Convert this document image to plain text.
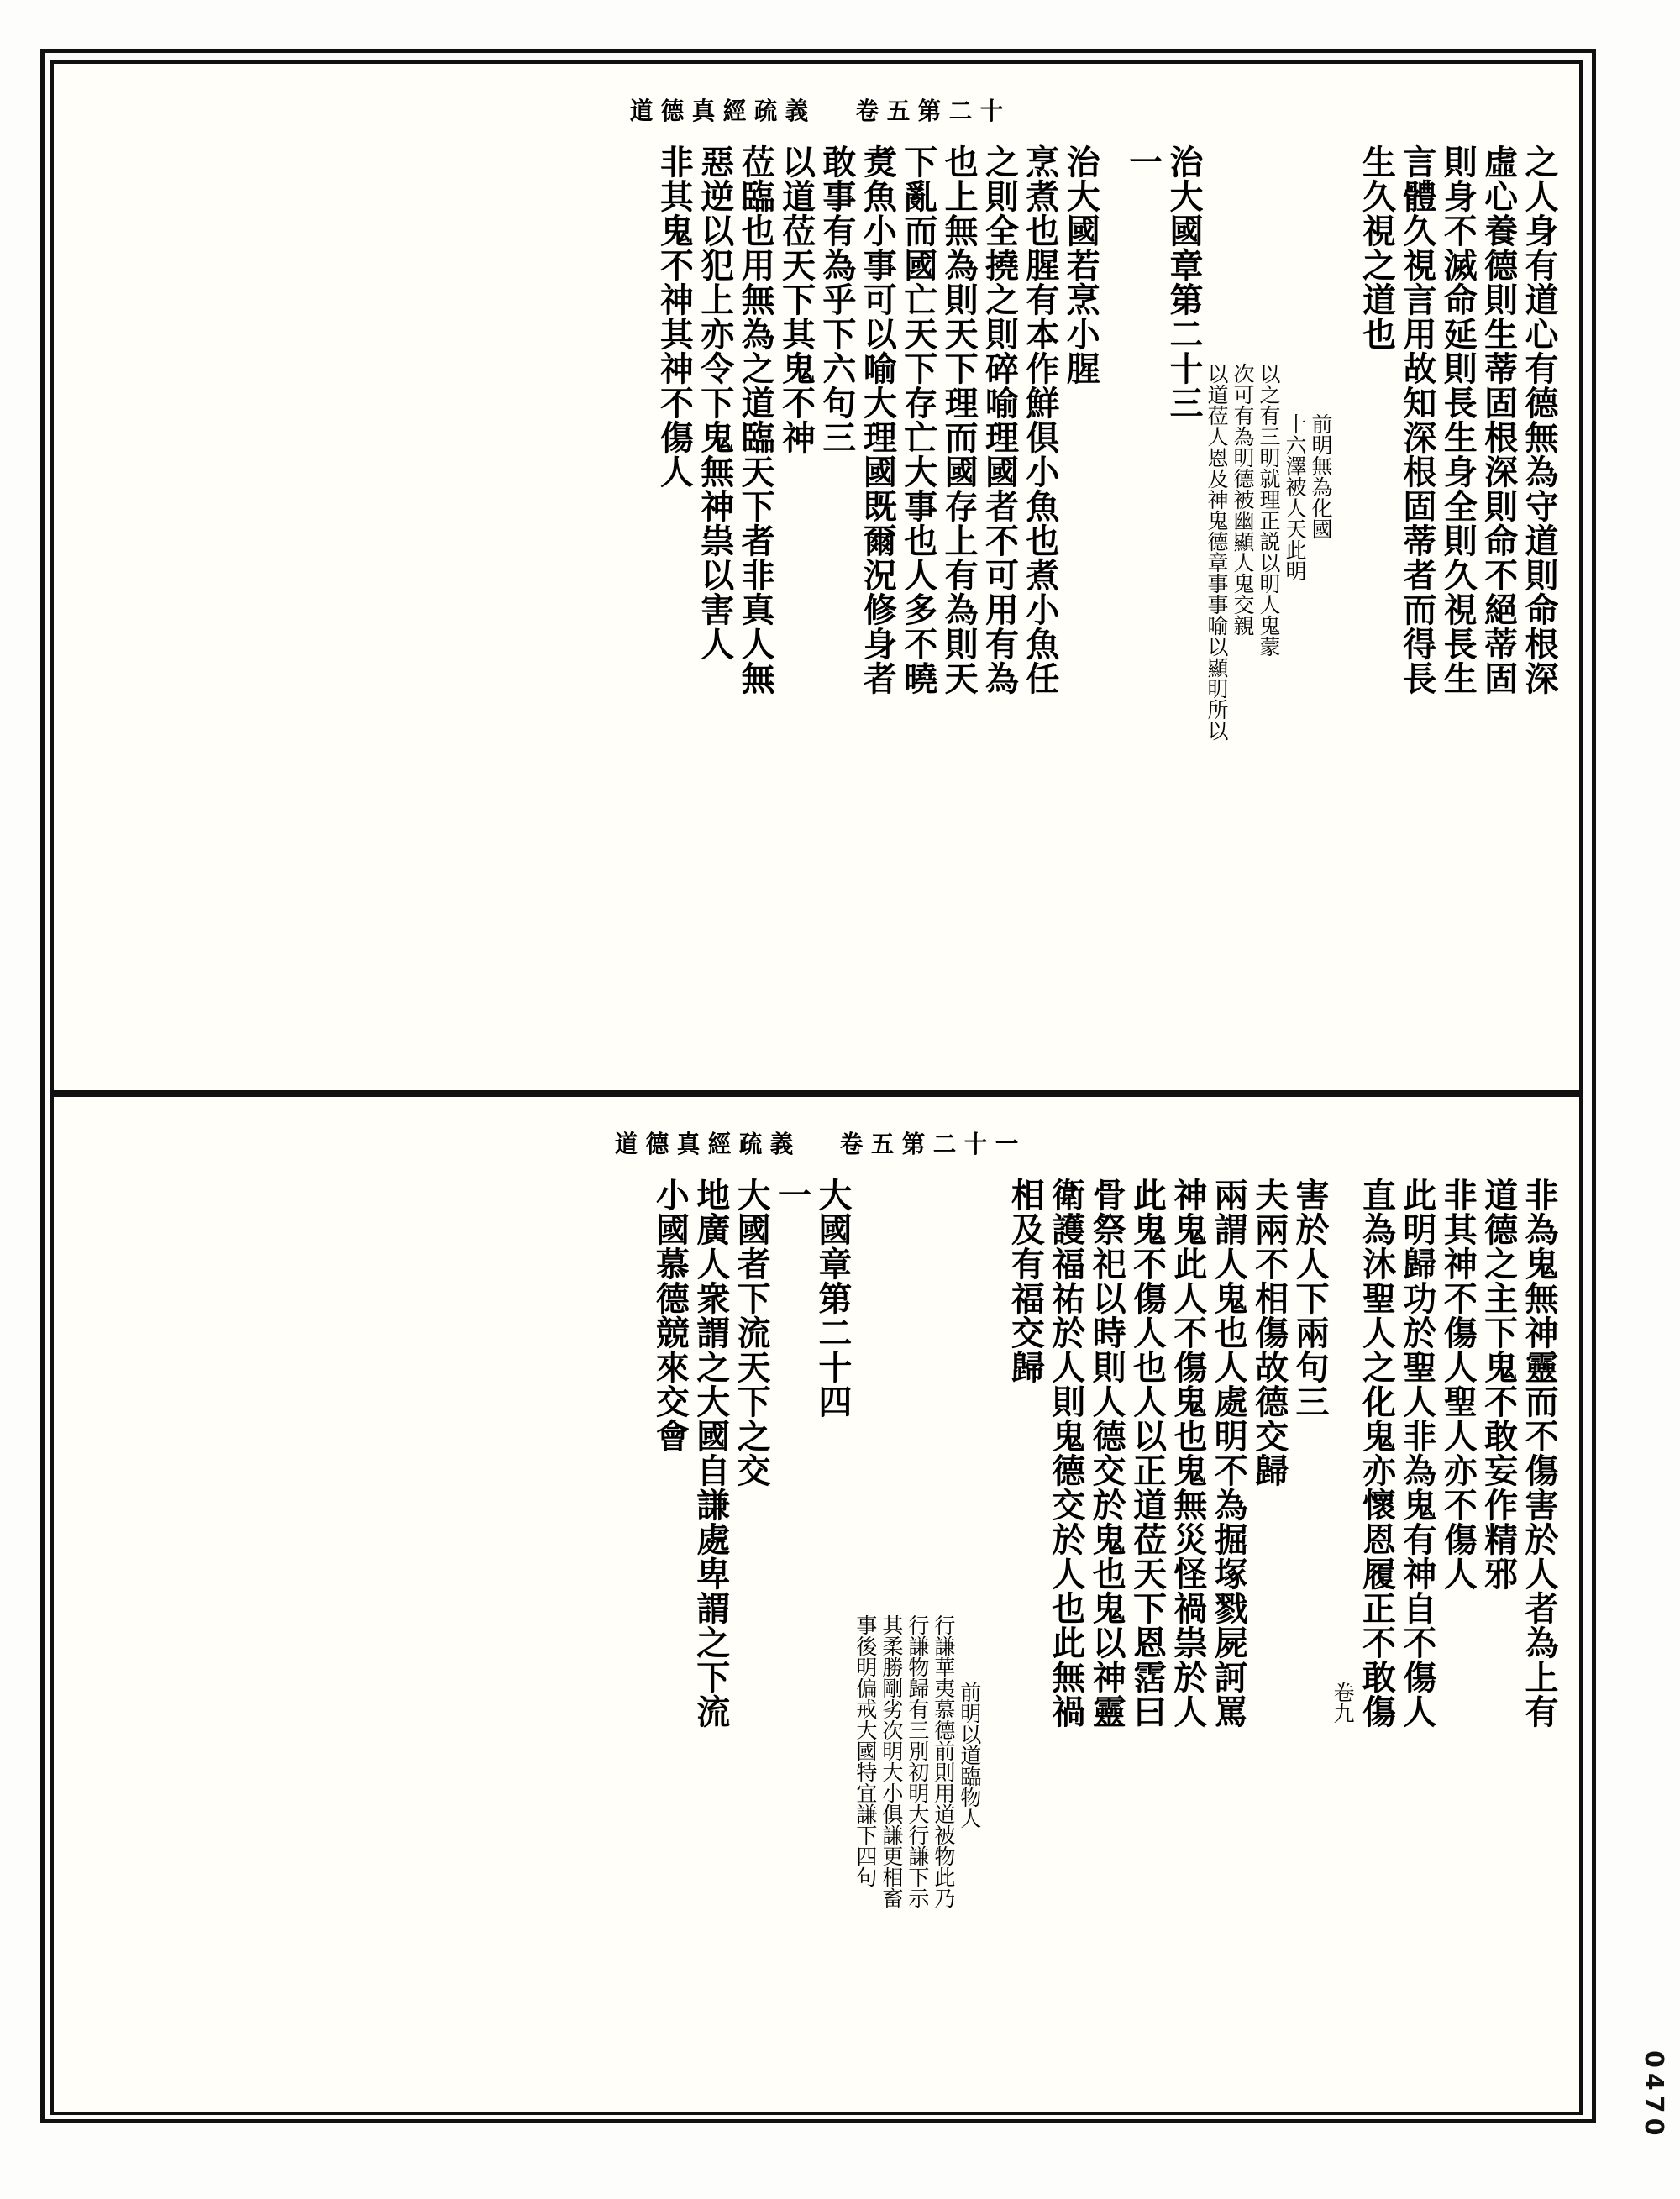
十
二
第
五
卷
義
疏
經
真
德
道
之人身有道心有德無為守道則命根深
虛心養德則生蒂固根深則命不絕蒂固
則身不滅命延則長生身全則久視長生
言體久視言用故知深根固蒂者而得長
生久視之道也
前明無為化國
十六澤被人天此明
以之有三明就理正説以明人鬼蒙
次可有為明德被幽顯人鬼交親
以道莅人恩及神鬼德章事事喻以顯明所以
治大國章第二十三
一
治大國若烹小腥
烹煮也腥有本作鮮俱小魚也煮小魚任
之則全撓之則碎喻理國者不可用有為
也上無為則天下理而國存上有為則天
下亂而國亡天下存亡大事也人多不曉
煑魚小事可以喻大理國既爾況修身者
敢事有為乎下六句三
以道莅天下其鬼不神
莅臨也用無為之道臨天下者非真人無
惡逆以犯上亦令下鬼無神祟以害人
非其鬼不神其神不傷人
一
十
二
第
五
卷
義
疏
經
真
德
道
非為鬼無神靈而不傷害於人者為上有
道德之主下鬼不敢妄作精邪
非其神不傷人聖人亦不傷人
此明歸功於聖人非為鬼有神自不傷人
直為沐聖人之化鬼亦懷恩履正不敢傷
卷九
害於人下兩句三
夫兩不相傷故德交歸
兩謂人鬼也人處明不為掘塚戮屍訶罵
神鬼此人不傷鬼也鬼無災怪禍祟於人
此鬼不傷人也人以正道莅天下恩霑曰
骨祭祀以時則人德交於鬼也鬼以神靈
衛護福祐於人則鬼德交於人也此無禍
相及有福交歸
前明以道臨物人
行謙華夷慕德前則用道被物此乃
行謙物歸有三別初明大行謙下示
其柔勝剛劣次明大小俱謙更相畜
事後明偏戒大國特宜謙下四句
大國章第二十四
一
大國者下流天下之交
地廣人衆謂之大國自謙處卑謂之下流
小國慕德競來交會
0470
